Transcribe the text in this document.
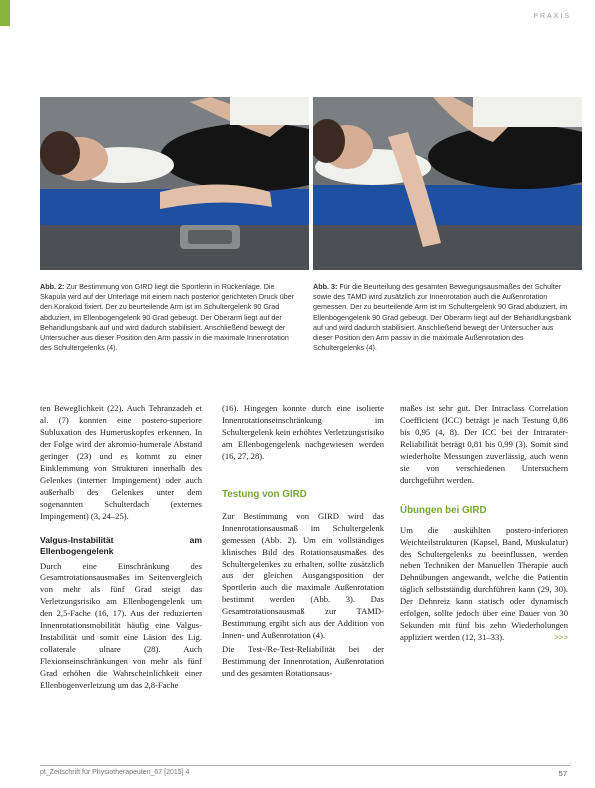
PRAXIS
Abb. 2: Zur Bestimmung von GIRD liegt die Sportlerin in Rückenlage. Die Skapula wird auf der Unterlage mit einem nach posterior gerichteten Druck über den Korakoid fixiert. Der zu beurteilende Arm ist im Schultergelenk 90 Grad abduziert, im Ellenbogengelenk 90 Grad gebeugt. Der Oberarm liegt auf der Behandlungsbank auf und wird dadurch stabilisiert. Anschließend bewegt der Untersucher aus dieser Position den Arm passiv in die maximale Innenrotation des Schultergelenks (4).
Abb. 3: Für die Beurteilung des gesamten Bewegungsausmaßes der Schulter sowie des TAMD wird zusätzlich zur Innenrotation auch die Außenrotation gemessen. Der zu beurteilende Arm ist im Schultergelenk 90 Grad abduziert, im Ellenbogengelenk 90 Grad gebeugt. Der Oberarm liegt auf der Behandlungsbank auf und wird dadurch stabilisiert. Anschließend bewegt der Untersucher aus dieser Position den Arm passiv in die maximale Außenrotation des Schultergelenks (4).

ten Beweglichkeit (22). Auch Tehranzadeh et al. (7) konnten eine postero-superiore Subluxation des Humeruskopfes erkennen. In der Folge wird der akromio-humerale Abstand geringer (23) und es kommt zu einer Einklemmung von Strukturen innerhalb des Gelenkes (interner Impingement) oder auch außerhalb des Gelenkes unter dem sogenannten Schulterdach (externes Impingement) (3, 24–25).

Valgus-Instabilität am Ellenbogengelenk

Durch eine Einschränkung des Gesamtrotationsausmaßes im Seitenvergleich von mehr als fünf Grad steigt das Verletzungsrisiko am Ellenbogengelenk um den 2,5-Fache (16, 17). Aus der reduzierten Innenrotationsmobilität häufig eine Valgus-Instabilität und somit eine Läsion des Lig. collaterale ulnare (28). Auch Flexionseinschränkungen von mehr als fünf Grad erhöhen die Wahrscheinlichkeit einer Ellenbogenverletzung um das 2,8-Fache

(16). Hingegen konnte durch eine isolierte Innenrotationseinschränkung im Schultergelenk kein erhöhtes Verletzungsrisiko am Ellenbogengelenk nachgewiesen werden (16, 27, 28).

Testung von GIRD

Zur Bestimmung von GIRD wird das Innenrotationsausmaß im Schultergelenk gemessen (Abb. 2). Um ein vollständiges klinisches Bild des Rotationsausmaßes des Schultergelenkes zu erhalten, sollte zusätzlich aus der gleichen Ausgangsposition der Sportlerin auch die maximale Außenrotation bestimmt werden (Abb. 3). Das Gesamtrotationsausmaß zur TAMD-Bestimmung ergibt sich aus der Addition von Innen- und Außenrotation (4).

Die Test-/Re-Test-Reliabilität bei der Bestimmung der Innenrotation, Außenrotation und des gesamten Rotationsaus-

maßes ist sehr gut. Der Intraclass Correlation Coefficient (ICC) beträgt je nach Testung 0,86 bis 0,95 (4, 8). Der ICC bei der Intrarater-Reliabilität beträgt 0,81 bis 0,99 (3). Somit sind wiederholte Messungen zuverlässig, auch wenn sie von verschiedenen Untersuchern durchgeführt werden.

Übungen bei GIRD

Um die auskühlten postero-inferioren Weichteilstrukturen (Kapsel, Band, Muskulatur) des Schultergelenks zu beeinflussen, werden neben Techniken der Manuellen Therapie auch Dehnübungen angewandt, welche die Patientin täglich selbstständig durchführen kann (29, 30). Der Dehnreiz kann statisch oder dynamisch erfolgen, sollte jedoch über eine Dauer von 30 Sekunden mit fünf bis zehn Wiederholungen appliziert werden (12, 31–33).	>>>

pt_Zeitschrift für Physiotherapeuten_67 [2015] 4	57
